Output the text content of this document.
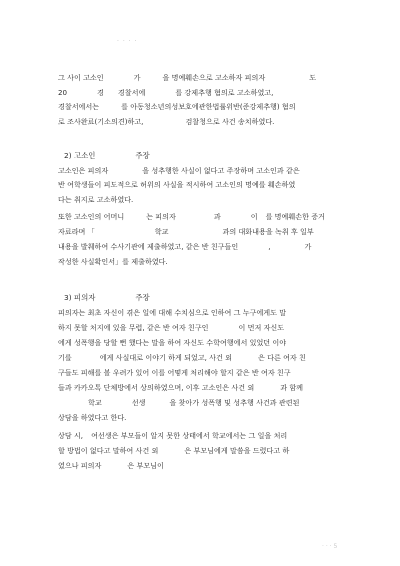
· · · ·
그 사이 고소인	가	을 명예훼손으로 고소하자 피의자	도
20	경 경찰서에	를 강제추행 혐의로 고소하였고,
경찰서에서는	를 아동청소년의성보호에관한법률위반(준강제추행) 혐의
로 조사완료(기소의견)하고,	검찰청으로 사건 송치하였다.
2) 고소인	주장
고소인은 피의자	을 성추행한 사실이 없다고 주장하며 고소인과 같은
반 여학생들이 피도적으로 허위의 사실을 적시하여 고소인의 명예를 훼손하였
다는 취지로 고소하였다.
또한 고소인의 어머니	는 피의자	과	이 를 명예훼손한 증거
자료라며 「	학교	과의 대화내용을 녹취 후 일부
내용을 발췌하여 수사기관에 제출하였고, 같은 반 친구들인	,	가
작성한 사실확인서」를 제출하였다.
3) 피의자	주장
피의자는 최초 자신이 겪은 일에 대해 수치심으로 인하여 그 누구에게도 말
하지 못할 처지에 있을 무렵, 같은 반 여자 친구인	이 먼저 자신도
에게 성폭행을 당할 뻔 했다는 말을 하여 자신도 수학여행에서 있었던 이야
기를	에게 사실대로 이야기 하게 되었고, 사건 외	은 다른 여자 친
구들도 피해를 볼 우려가 있어 이를 어떻게 처리해야 할지 같은 반 여자 친구
들과 카카오톡 단체방에서 상의하였으며, 이후 고소인은 사건 외	과 함께
학교	선생	을 찾아가 성폭행 및 성추행 사건과 관련된
상담을 하였다고 한다.
상담 시, 여선생은 부모들이 알지 못한 상태에서 학교에서는 그 일을 처리
할 방법이 없다고 말하여 사건 외	은 부모님에게 말씀을 드렸다고 하
였으나 피의자	은 부모님이
· · · 5
